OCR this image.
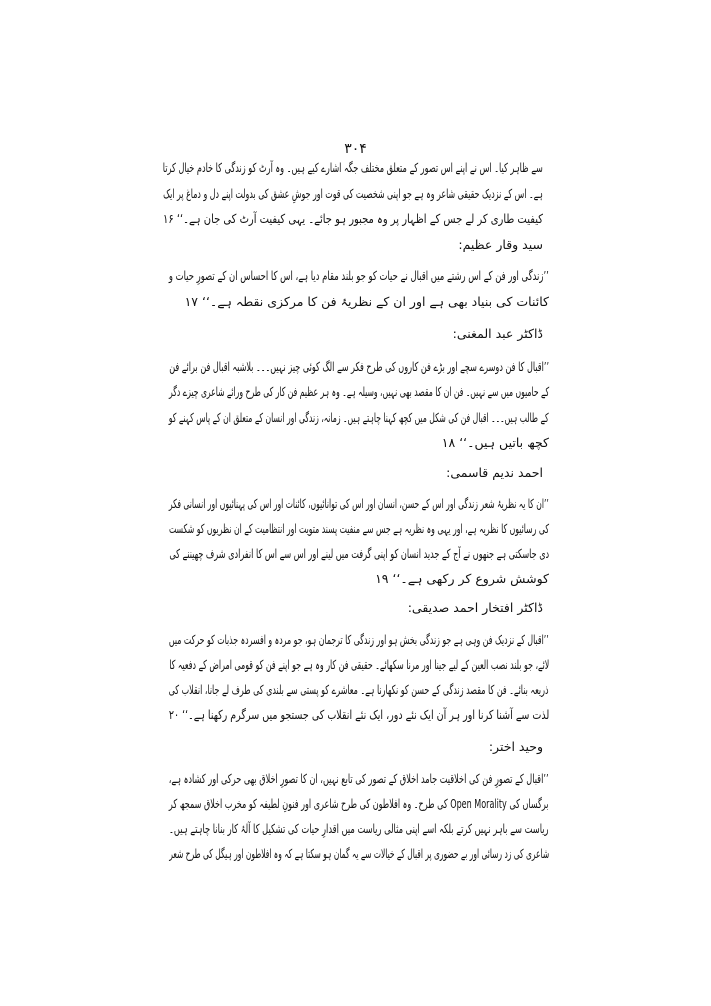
۳۰۴
سے ظاہر کیا۔ اس نے اپنے اس تصور کے متعلق مختلف جگہ اشارے کیے ہیں۔ وہ آرٹ کو زندگی کا خادم خیال کرتا
ہے۔ اس کے نزدیک حقیقی شاعر وہ ہے جو اپنی شخصیت کی قوت اور جوشِ عشق کی بدولت اپنے دل و دماغ پر ایک
کیفیت طاری کر لے جس کے اظہار پر وہ مجبور ہو جائے۔ یہی کیفیت آرٹ کی جان ہے۔‘‘ ۱۶
سید وقار عظیم:
’’زندگی اور فن کے اس رشتے میں اقبال نے حیات کو جو بلند مقام دیا ہے، اس کا احساس ان کے تصورِ حیات و
کائنات کی بنیاد بھی ہے اور ان کے نظریۂ فن کا مرکزی نقطہ ہے۔‘‘ ۱۷
ڈاکٹر عبد المغنی:
’’اقبال کا فن دوسرے سچے اور بڑے فن کاروں کی طرح فکر سے الگ کوئی چیز نہیں۔۔۔ بلاشبہ اقبال فن برائے فن
کے حامیوں میں سے نہیں۔ فن ان کا مقصد بھی نہیں، وسیلہ ہے۔ وہ ہر عظیم فن کار کی طرح ورائے شاعری چیزے دگر
کے طالب ہیں۔۔۔ اقبال فن کی شکل میں کچھ کہنا چاہتے ہیں۔ زمانہ، زندگی اور انسان کے متعلق ان کے پاس کہنے کو
کچھ باتیں ہیں۔‘‘ ۱۸
احمد ندیم قاسمی:
’’ان کا یہ نظریۂ شعر زندگی اور اس کے حسن، انسان اور اس کی توانائیوں، کائنات اور اس کی پہنائیوں اور انسانی فکر
کی رسائیوں کا نظریہ ہے، اور یہی وہ نظریہ ہے جس سے منفیت پسند متویت اور انتظامیت کے ان نظریوں کو شکست
دی جاسکتی ہے جنھوں نے آج کے جدید انسان کو اپنی گرفت میں لینے اور اس سے اس کا انفرادی شرف چھیننے کی
کوشش شروع کر رکھی ہے۔‘‘ ۱۹
ڈاکٹر افتخار احمد صدیقی:
’’اقبال کے نزدیک فن وہی ہے جو زندگی بخش ہو اور زندگی کا ترجمان ہو، جو مردہ و افسردہ جذبات کو حرکت میں
لائے، جو بلند نصب العین کے لیے جینا اور مرنا سکھائے۔ حقیقی فن کار وہ ہے جو اپنے فن کو قومی امراض کے دفعیہ کا
ذریعہ بنائے۔ فن کا مقصد زندگی کے حسن کو نکھارنا ہے۔ معاشرے کو پستی سے بلندی کی طرف لے جانا، انقلاب کی
لذت سے آشنا کرنا اور ہر آن ایک نئے دور، ایک نئے انقلاب کی جستجو میں سرگرم رکھنا ہے۔‘‘ ۲۰
وحید اختر:
’’اقبال کے تصورِ فن کی اخلاقیت جامد اخلاق کے تصور کی تابع نہیں، ان کا تصورِ اخلاق بھی حرکی اور کشادہ ہے،
برگساں کی Open Morality کی طرح۔ وہ افلاطون کی طرح شاعری اور فنونِ لطیفہ کو مخرب اخلاق سمجھ کر
ریاست سے باہر نہیں کرتے بلکہ اسے اپنی مثالی ریاست میں اقدارِ حیات کی تشکیل کا آلۂ کار بنانا چاہتے ہیں۔
شاعری کی زد رسائی اور بے حضوری پر اقبال کے خیالات سے یہ گمان ہو سکتا ہے کہ وہ افلاطون اور ہیگل کی طرح شعر
